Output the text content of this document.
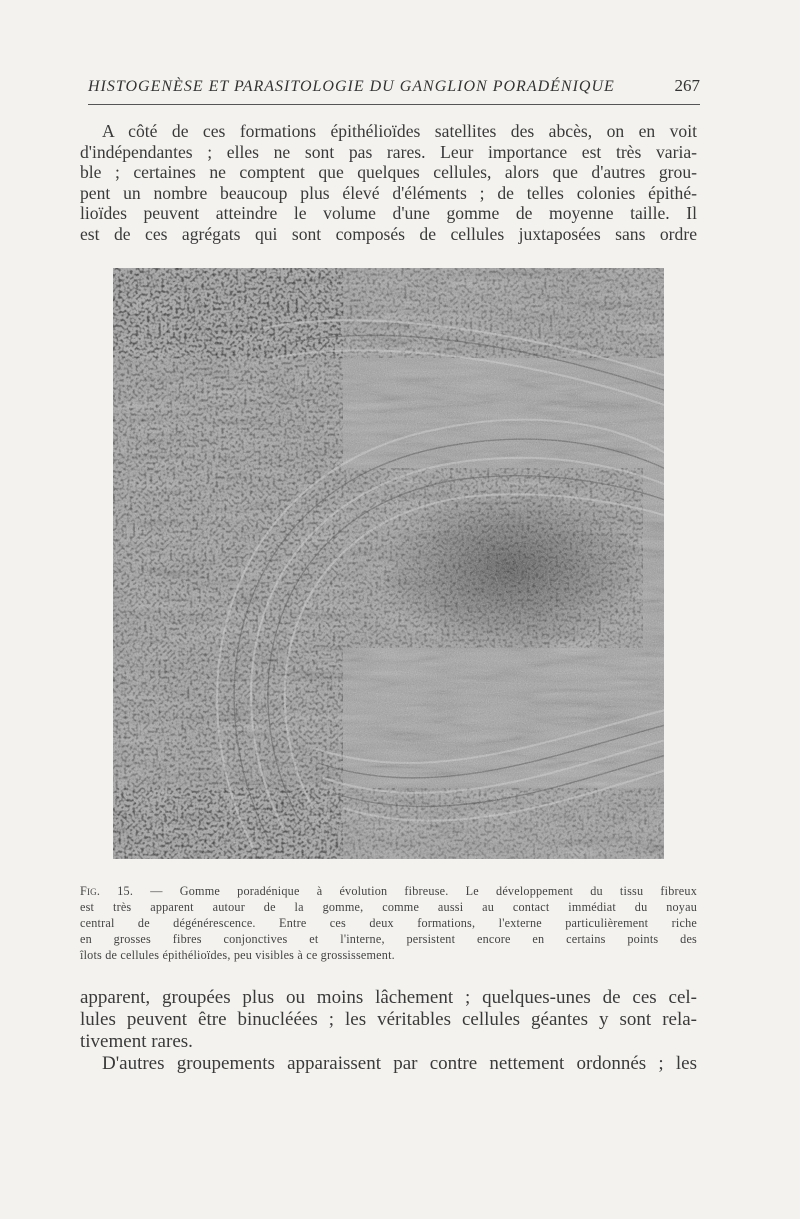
HISTOGENÈSE ET PARASITOLOGIE DU GANGLION PORADÉNIQUE	267

A côté de ces formations épithélioïdes satellites des abcès, on en voit
d'indépendantes ; elles ne sont pas rares. Leur importance est très varia-
ble ; certaines ne comptent que quelques cellules, alors que d'autres grou-
pent un nombre beaucoup plus élevé d'éléments ; de telles colonies épithé-
lioïdes peuvent atteindre le volume d'une gomme de moyenne taille. Il
est de ces agrégats qui sont composés de cellules juxtaposées sans ordre

Fig. 15. — Gomme poradénique à évolution fibreuse. Le développement du tissu fibreux
est très apparent autour de la gomme, comme aussi au contact immédiat du noyau
central de dégénérescence. Entre ces deux formations, l'externe particulièrement riche
en grosses fibres conjonctives et l'interne, persistent encore en certains points des
îlots de cellules épithélioïdes, peu visibles à ce grossissement.

apparent, groupées plus ou moins lâchement ; quelques-unes de ces cel-
lules peuvent être binucléées ; les véritables cellules géantes y sont rela-
tivement rares.
D'autres groupements apparaissent par contre nettement ordonnés ; les
